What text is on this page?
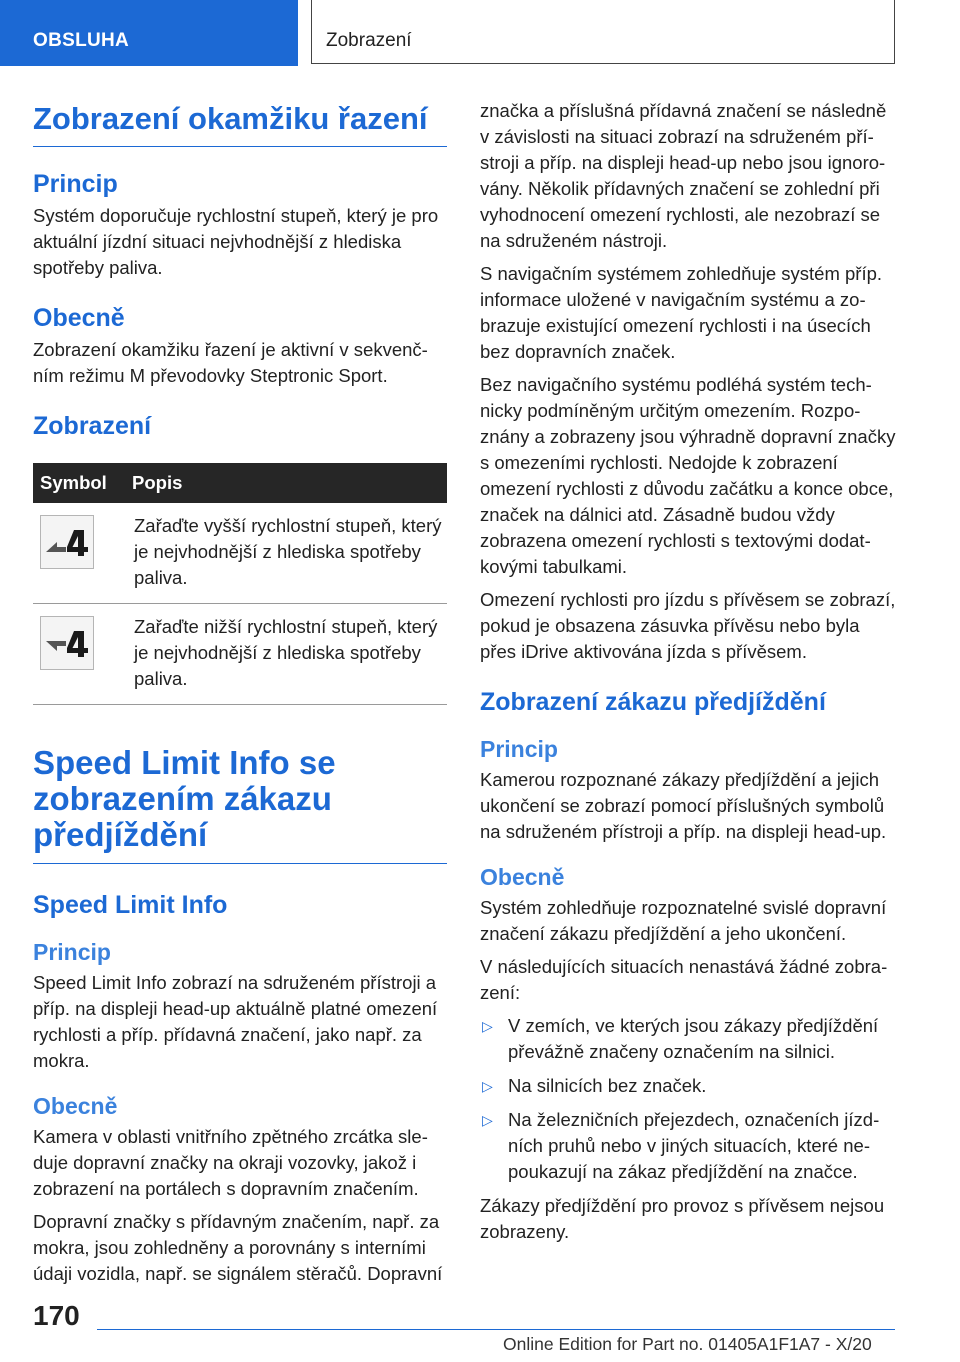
OBSLUHA	Zobrazení
Zobrazení okamžiku řazení
Princip

Systém doporučuje rychlostní stupeň, který je pro aktuální jízdní situaci nejvhodnější z hlediska spotřeby paliva.

Obecně

Zobrazení okamžiku řazení je aktivní v sekvenčním režimu M převodovky Steptronic Sport.

Zobrazení
Symbol	Popis

	Zařaďte vyšší rychlostní stupeň, který je nejvhodnější z hlediska spotřeby paliva.

	Zařaďte nižší rychlostní stupeň, který je nejvhodnější z hlediska spotřeby paliva.
Speed Limit Info se zobrazením zákazu předjíždění
Speed Limit Info
Princip

Speed Limit Info zobrazí na sdruženém přístroji a příp. na displeji head-up aktuálně platné omezení rychlosti a příp. přídavná značení, jako např. za mokra.

Obecně

Kamera v oblasti vnitřního zpětného zrcátka sleduje dopravní značky na okraji vozovky, jakož i zobrazení na portálech s dopravním značením.

Dopravní značky s přídavným značením, např. za mokra, jsou zohledněny a porovnány s interními údaji vozidla, např. se signálem stěračů. Dopravní

značka a příslušná přídavná značení se následně v závislosti na situaci zobrazí na sdruženém přístroji a příp. na displeji head-up nebo jsou ignorovány. Několik přídavných značení se zohlední při vyhodnocení omezení rychlosti, ale nezobrazí se na sdruženém nástroji.

S navigačním systémem zohledňuje systém příp. informace uložené v navigačním systému a zobrazuje existující omezení rychlosti i na úsecích bez dopravních značek.

Bez navigačního systému podléhá systém technicky podmíněným určitým omezením. Rozpoznány a zobrazeny jsou výhradně dopravní značky s omezeními rychlosti. Nedojde k zobrazení omezení rychlosti z důvodu začátku a konce obce, značek na dálnici atd. Zásadně budou vždy zobrazena omezení rychlosti s textovými dodatkovými tabulkami.

Omezení rychlosti pro jízdu s přívěsem se zobrazí, pokud je obsazena zásuvka přívěsu nebo byla přes iDrive aktivována jízda s přívěsem.

Zobrazení zákazu předjíždění
Princip

Kamerou rozpoznané zákazy předjíždění a jejich ukončení se zobrazí pomocí příslušných symbolů na sdruženém přístroji a příp. na displeji head-up.

Obecně

Systém zohledňuje rozpoznatelné svislé dopravní značení zákazu předjíždění a jeho ukončení.

V následujících situacích nenastává žádné zobrazení:

▷ V zemích, ve kterých jsou zákazy předjíždění převážně značeny označením na silnici.
▷ Na silnicích bez značek.
▷ Na železničních přejezdech, označeních jízdních pruhů nebo v jiných situacích, které nepoukazují na zákaz předjíždění na značce.

Zákazy předjíždění pro provoz s přívěsem nejsou zobrazeny.

170
Online Edition for Part no. 01405A1F1A7 - X/20
